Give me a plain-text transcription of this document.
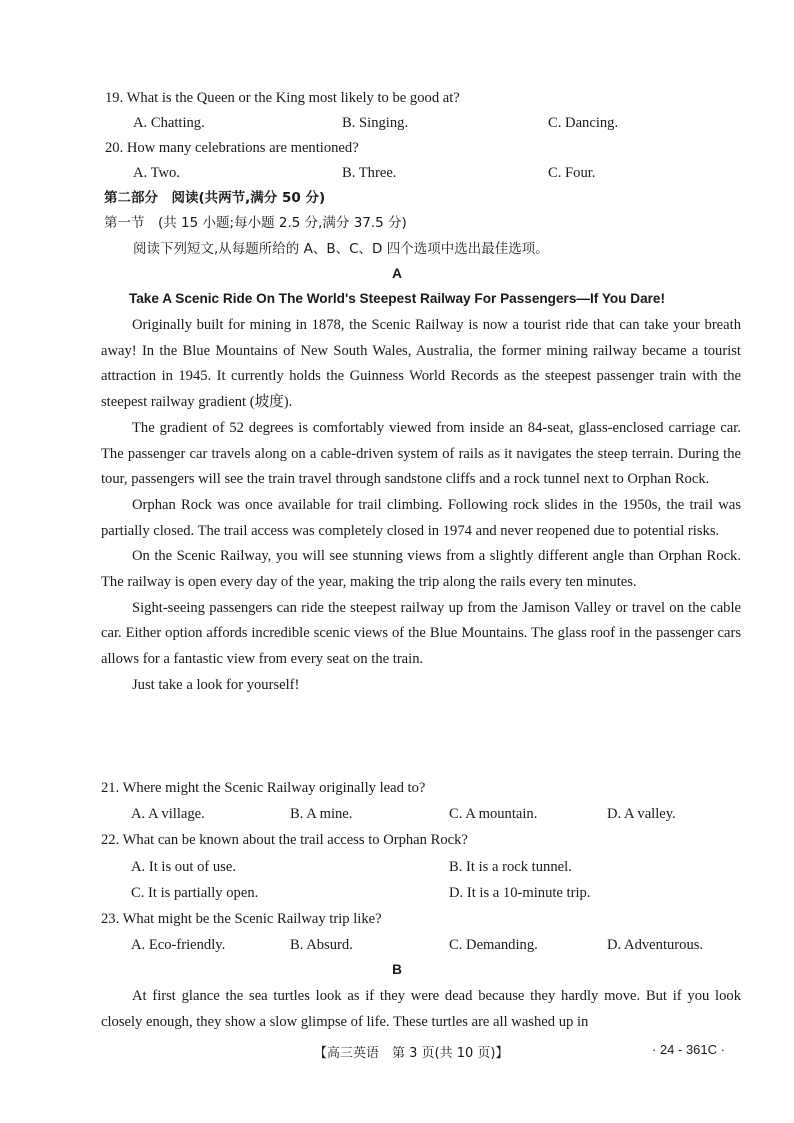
19. What is the Queen or the King most likely to be good at?
A. Chatting.	B. Singing.	C. Dancing.
20. How many celebrations are mentioned?
A. Two.	B. Three.	C. Four.
第二部分　阅读(共两节,满分 50 分)
第一节　(共 15 小题;每小题 2.5 分,满分 37.5 分)
阅读下列短文,从每题所给的 A、B、C、D 四个选项中选出最佳选项。
A
Take A Scenic Ride On The World's Steepest Railway For Passengers—If You Dare!

Originally built for mining in 1878, the Scenic Railway is now a tourist ride that can take your breath away! In the Blue Mountains of New South Wales, Australia, the former mining railway became a tourist attraction in 1945. It currently holds the Guinness World Records as the steepest passenger train with the steepest railway gradient (坡度).

The gradient of 52 degrees is comfortably viewed from inside an 84-seat, glass-enclosed carriage car. The passenger car travels along on a cable-driven system of rails as it navigates the steep terrain. During the tour, passengers will see the train travel through sandstone cliffs and a rock tunnel next to Orphan Rock.

Orphan Rock was once available for trail climbing. Following rock slides in the 1950s, the trail was partially closed. The trail access was completely closed in 1974 and never reopened due to potential risks.

On the Scenic Railway, you will see stunning views from a slightly different angle than Orphan Rock. The railway is open every day of the year, making the trip along the rails every ten minutes.

Sight-seeing passengers can ride the steepest railway up from the Jamison Valley or travel on the cable car. Either option affords incredible scenic views of the Blue Mountains. The glass roof in the passenger cars allows for a fantastic view from every seat on the train.

Just take a look for yourself!

21. Where might the Scenic Railway originally lead to?
A. A village.	B. A mine.	C. A mountain.	D. A valley.
22. What can be known about the trail access to Orphan Rock?
A. It is out of use.	B. It is a rock tunnel.
C. It is partially open.	D. It is a 10-minute trip.
23. What might be the Scenic Railway trip like?
A. Eco-friendly.	B. Absurd.	C. Demanding.	D. Adventurous.
B

At first glance the sea turtles look as if they were dead because they hardly move. But if you look closely enough, they show a slow glimpse of life. These turtles are all washed up in

【高三英语　第 3 页(共 10 页)】	· 24 - 361C ·
